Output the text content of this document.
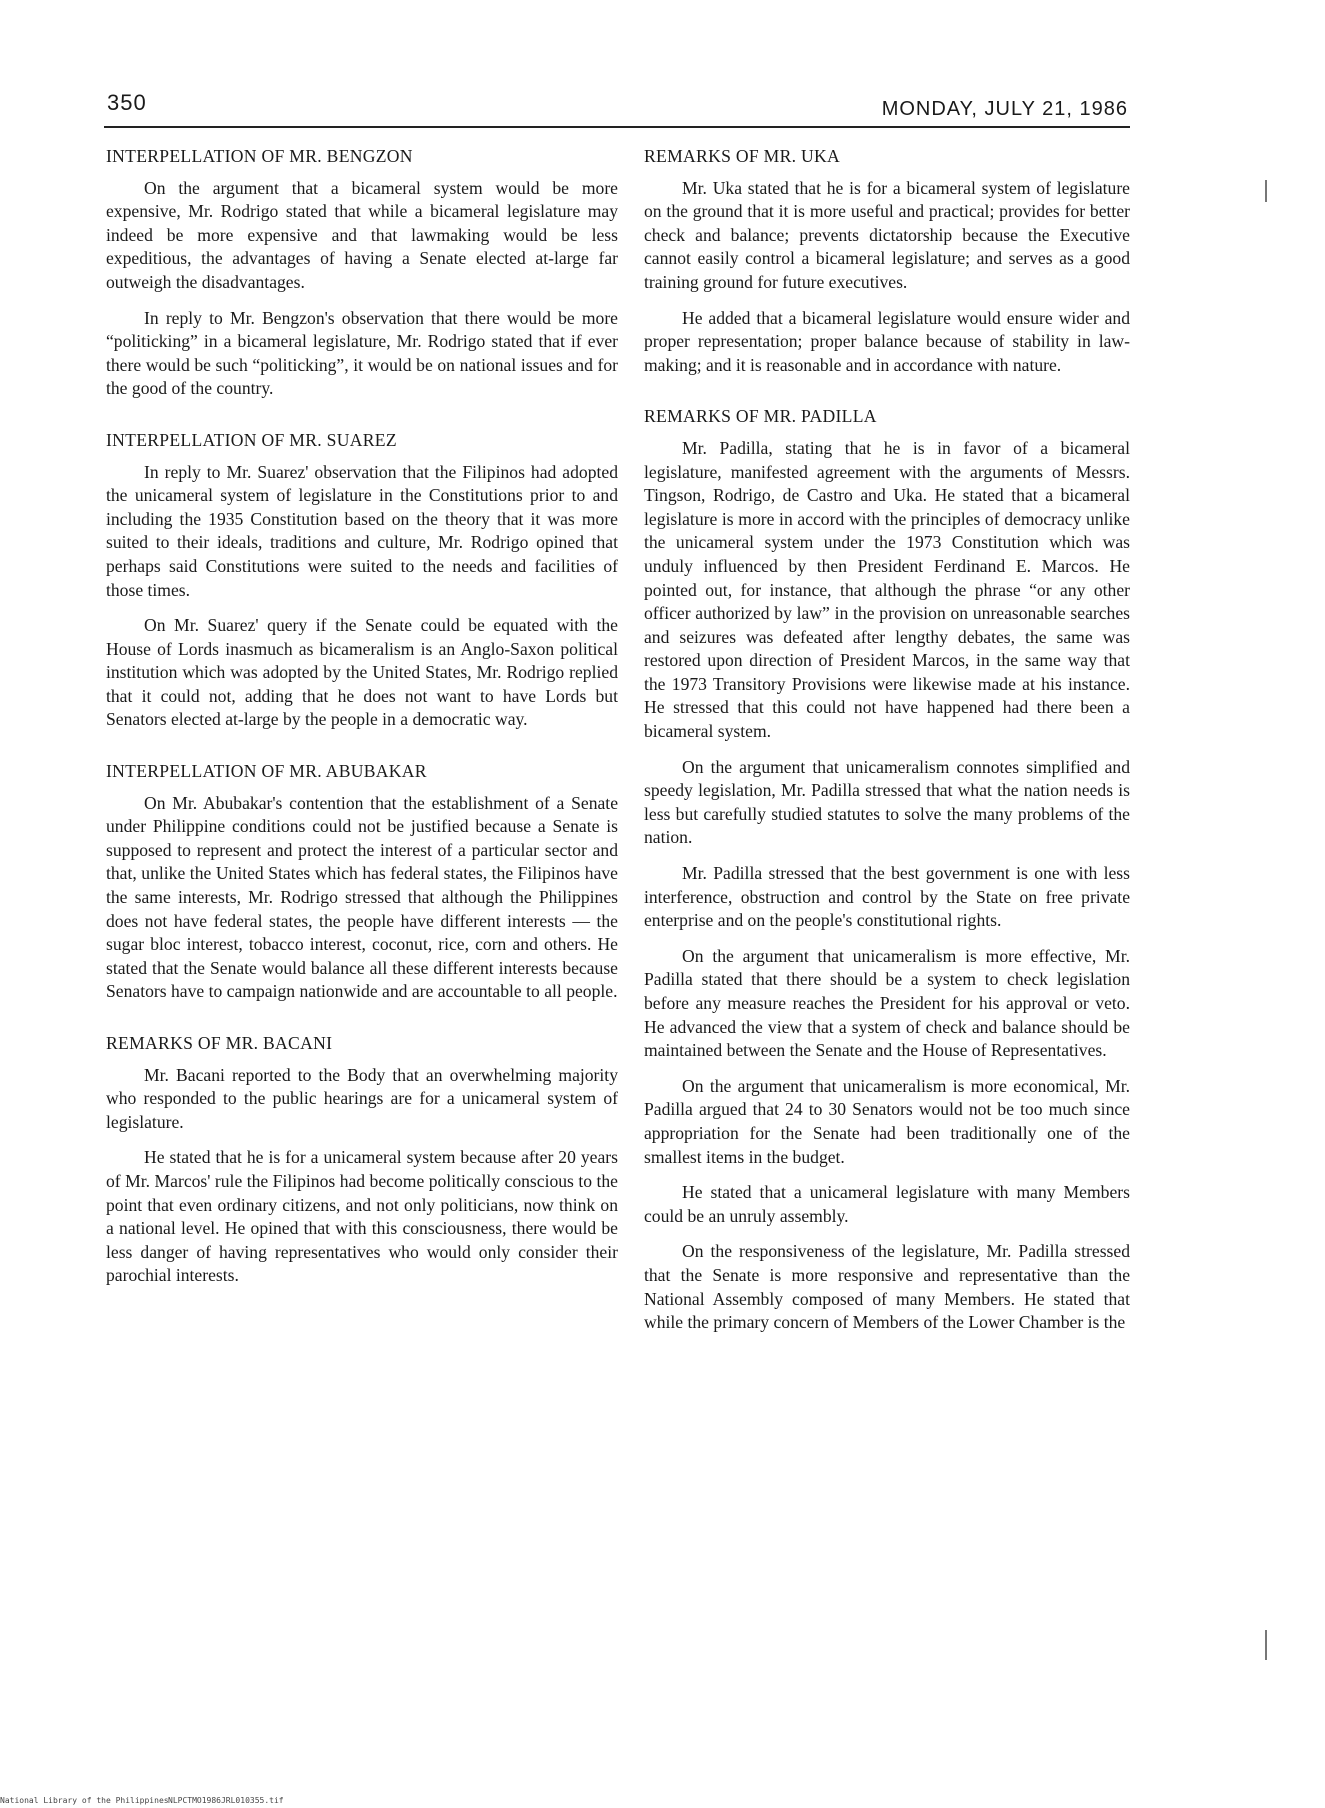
350	MONDAY, JULY 21, 1986
INTERPELLATION OF MR. BENGZON

On the argument that a bicameral system would be more expensive, Mr. Rodrigo stated that while a bicameral legislature may indeed be more expensive and that lawmaking would be less expeditious, the advantages of having a Senate elected at-large far outweigh the disadvantages.

In reply to Mr. Bengzon's observation that there would be more “politicking” in a bicameral legislature, Mr. Rodrigo stated that if ever there would be such “politicking”, it would be on national issues and for the good of the country.

INTERPELLATION OF MR. SUAREZ

In reply to Mr. Suarez' observation that the Filipinos had adopted the unicameral system of legislature in the Constitutions prior to and including the 1935 Constitution based on the theory that it was more suited to their ideals, traditions and culture, Mr. Rodrigo opined that perhaps said Constitutions were suited to the needs and facilities of those times.

On Mr. Suarez' query if the Senate could be equated with the House of Lords inasmuch as bicameralism is an Anglo-Saxon political institution which was adopted by the United States, Mr. Rodrigo replied that it could not, adding that he does not want to have Lords but Senators elected at-large by the people in a democratic way.

INTERPELLATION OF MR. ABUBAKAR

On Mr. Abubakar's contention that the establishment of a Senate under Philippine conditions could not be justified because a Senate is supposed to represent and protect the interest of a particular sector and that, unlike the United States which has federal states, the Filipinos have the same interests, Mr. Rodrigo stressed that although the Philippines does not have federal states, the people have different interests — the sugar bloc interest, tobacco interest, coconut, rice, corn and others. He stated that the Senate would balance all these different interests because Senators have to campaign nationwide and are accountable to all people.

REMARKS OF MR. BACANI

Mr. Bacani reported to the Body that an overwhelming majority who responded to the public hearings are for a unicameral system of legislature.

He stated that he is for a unicameral system because after 20 years of Mr. Marcos' rule the Filipinos had become politically conscious to the point that even ordinary citizens, and not only politicians, now think on a national level. He opined that with this consciousness, there would be less danger of having representatives who would only consider their parochial interests.

REMARKS OF MR. UKA

Mr. Uka stated that he is for a bicameral system of legislature on the ground that it is more useful and practical; provides for better check and balance; prevents dictatorship because the Executive cannot easily control a bicameral legislature; and serves as a good training ground for future executives.

He added that a bicameral legislature would ensure wider and proper representation; proper balance because of stability in law-making; and it is reasonable and in accordance with nature.

REMARKS OF MR. PADILLA

Mr. Padilla, stating that he is in favor of a bicameral legislature, manifested agreement with the arguments of Messrs. Tingson, Rodrigo, de Castro and Uka. He stated that a bicameral legislature is more in accord with the principles of democracy unlike the unicameral system under the 1973 Constitution which was unduly influenced by then President Ferdinand E. Marcos. He pointed out, for instance, that although the phrase “or any other officer authorized by law” in the provision on unreasonable searches and seizures was defeated after lengthy debates, the same was restored upon direction of President Marcos, in the same way that the 1973 Transitory Provisions were likewise made at his instance. He stressed that this could not have happened had there been a bicameral system.

On the argument that unicameralism connotes simplified and speedy legislation, Mr. Padilla stressed that what the nation needs is less but carefully studied statutes to solve the many problems of the nation.

Mr. Padilla stressed that the best government is one with less interference, obstruction and control by the State on free private enterprise and on the people's constitutional rights.

On the argument that unicameralism is more effective, Mr. Padilla stated that there should be a system to check legislation before any measure reaches the President for his approval or veto. He advanced the view that a system of check and balance should be maintained between the Senate and the House of Representatives.

On the argument that unicameralism is more economical, Mr. Padilla argued that 24 to 30 Senators would not be too much since appropriation for the Senate had been traditionally one of the smallest items in the budget.

He stated that a unicameral legislature with many Members could be an unruly assembly.

On the responsiveness of the legislature, Mr. Padilla stressed that the Senate is more responsive and representative than the National Assembly composed of many Members. He stated that while the primary concern of Members of the Lower Chamber is the

National Library of the Philippines NLPCTMO1986JRL010355.tif
